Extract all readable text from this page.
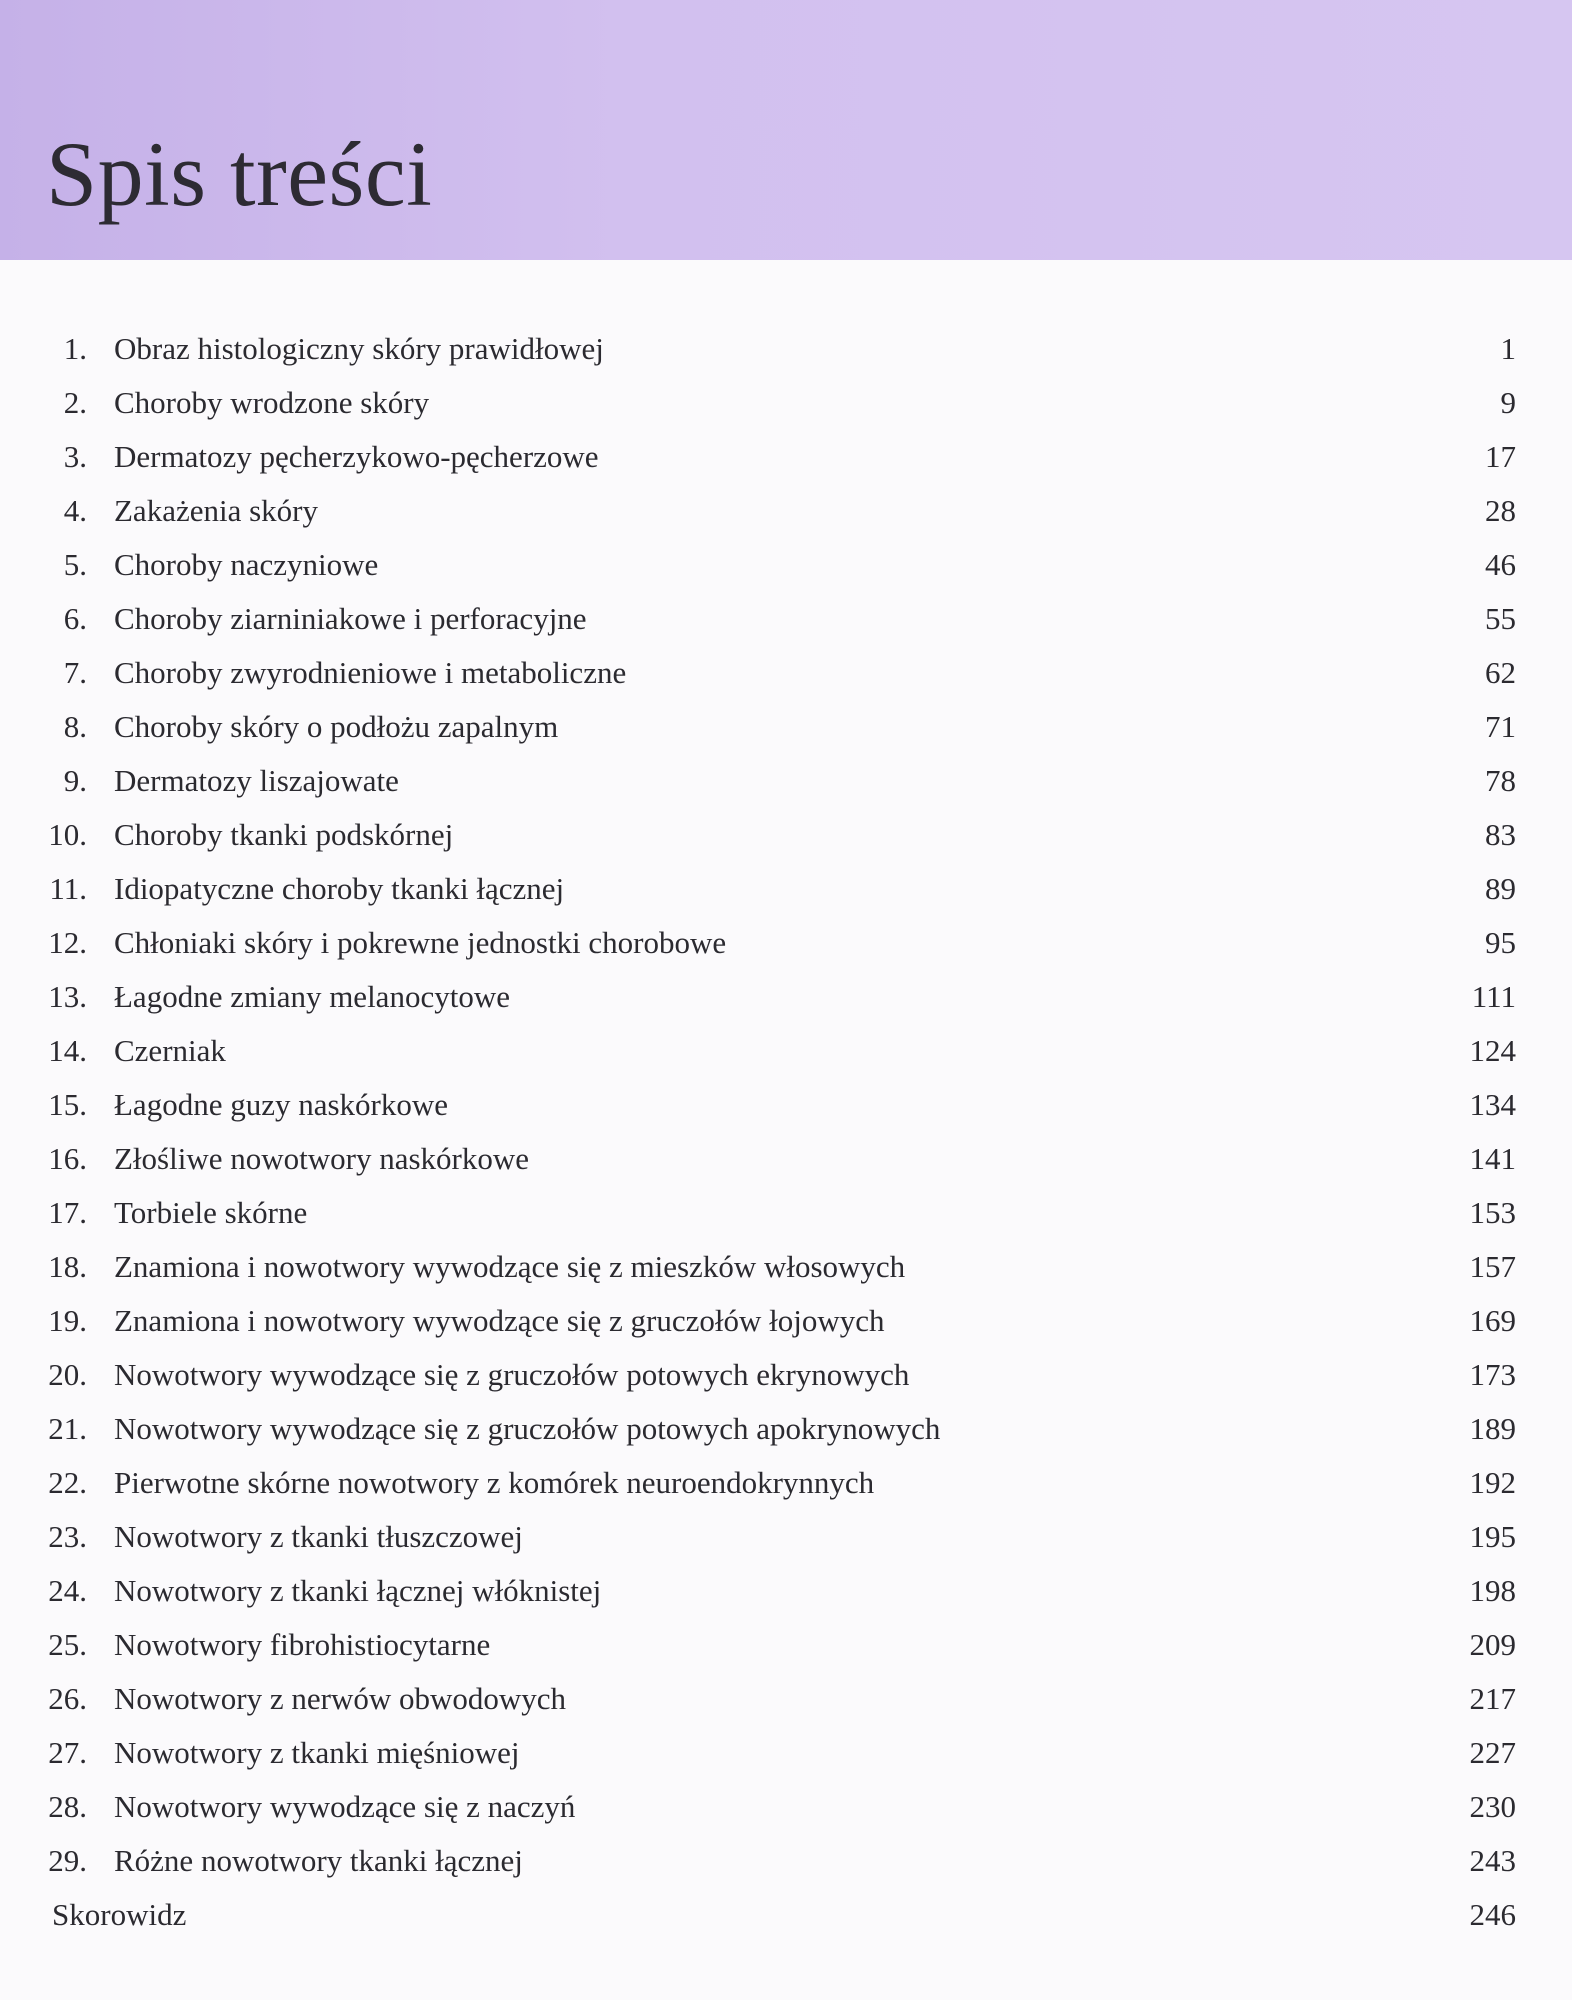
Spis treści
1. Obraz histologiczny skóry prawidłowej	1
2. Choroby wrodzone skóry	9
3. Dermatozy pęcherzykowo-pęcherzowe	17
4. Zakażenia skóry	28
5. Choroby naczyniowe	46
6. Choroby ziarniniakowe i perforacyjne	55
7. Choroby zwyrodnieniowe i metaboliczne	62
8. Choroby skóry o podłożu zapalnym	71
9. Dermatozy liszajowate	78
10. Choroby tkanki podskórnej	83
11. Idiopatyczne choroby tkanki łącznej	89
12. Chłoniaki skóry i pokrewne jednostki chorobowe	95
13. Łagodne zmiany melanocytowe	111
14. Czerniak	124
15. Łagodne guzy naskórkowe	134
16. Złośliwe nowotwory naskórkowe	141
17. Torbiele skórne	153
18. Znamiona i nowotwory wywodzące się z mieszków włosowych	157
19. Znamiona i nowotwory wywodzące się z gruczołów łojowych	169
20. Nowotwory wywodzące się z gruczołów potowych ekrynowych	173
21. Nowotwory wywodzące się z gruczołów potowych apokrynowych	189
22. Pierwotne skórne nowotwory z komórek neuroendokrynnych	192
23. Nowotwory z tkanki tłuszczowej	195
24. Nowotwory z tkanki łącznej włóknistej	198
25. Nowotwory fibrohistiocytarne	209
26. Nowotwory z nerwów obwodowych	217
27. Nowotwory z tkanki mięśniowej	227
28. Nowotwory wywodzące się z naczyń	230
29. Różne nowotwory tkanki łącznej	243
Skorowidz	246
